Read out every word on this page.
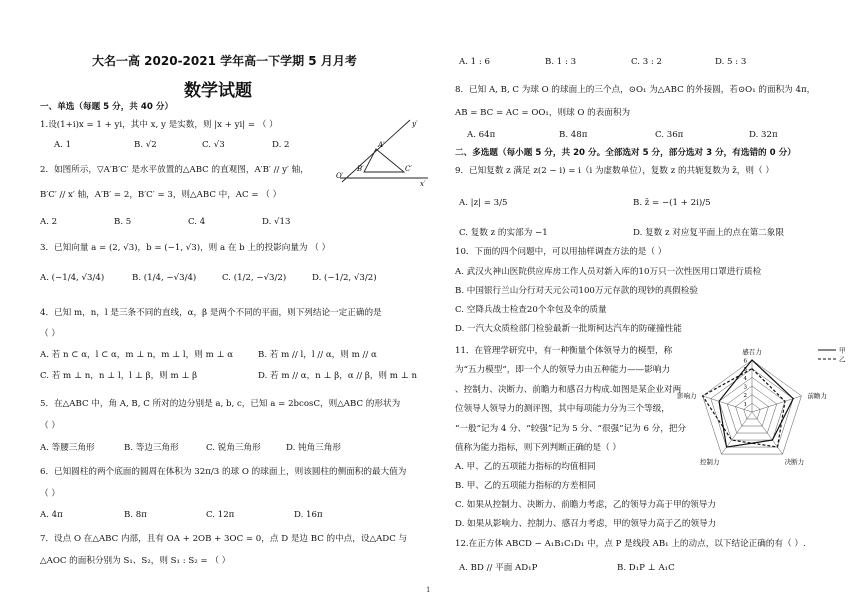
大名一高 2020-2021 学年高一下学期 5 月月考
数学试题
一、单选（每题 5 分，共 40 分）
1.设(1+i)x = 1 + yi，其中 x, y 是实数，则 |x + yi| = （ ）
A. 1	B. √2	C. √3	D. 2
2．如图所示，▽A′B′C′ 是水平放置的△ABC 的直观图，A′B′ // y′ 轴，
B′C′ // x′ 轴，A′B′ = 2，B′C′ = 3，则△ABC 中，AC = （ ）
A. 2	B. 5	C. 4	D. √13
3．已知向量 a = (2, √3)，b = (−1, √3)，则 a 在 b 上的投影向量为 （ ）
A. (−1/4, √3/4)	B. (1/4, −√3/4)	C. (1/2, −√3/2)	D. (−1/2, √3/2)
4．已知 m，n，l 是三条不同的直线，α，β 是两个不同的平面，则下列结论一定正确的是
（ ）
A. 若 n ⊂ α，l ⊂ α，m ⊥ n，m ⊥ l，则 m ⊥ α	B. 若 m // l，l // α，则 m // α
C. 若 m ⊥ n，n ⊥ l，l ⊥ β，则 m ⊥ β	D. 若 m // α，n ⊥ β，α // β，则 m ⊥ n
5．在△ABC 中，角 A, B, C 所对的边分别是 a, b, c，已知 a = 2bcosC，则△ABC 的形状为
（ ）
A. 等腰三角形	B. 等边三角形	C. 锐角三角形	D. 钝角三角形
6．已知圆柱的两个底面的圆周在体积为 32π/3 的球 O 的球面上，则该圆柱的侧面积的最大值为
（ ）
A. 4π	B. 8π	C. 12π	D. 16π
7．设点 O 在△ABC 内部，且有 OA + 2OB + 3OC = 0，点 D 是边 BC 的中点，设△ADC 与
△AOC 的面积分别为 S₁、S₂，则 S₁ : S₂ = （ ）
y′
x′
O′
A′
B′	C′
A. 1 : 6	B. 1 : 3	C. 3 : 2	D. 5 : 3
8．已知 A, B, C 为球 O 的球面上的三个点，⊙O₁ 为△ABC 的外接圆，若⊙O₁ 的面积为 4π，
AB = BC = AC = OO₁，则球 O 的表面积为
A. 64π	B. 48π	C. 36π	D. 32π
二、多选题（每小题 5 分，共 20 分。全部选对 5 分，部分选对 3 分，有选错的 0 分）
9．已知复数 z 满足 z(2 − i) = i（i 为虚数单位），复数 z 的共轭复数为 z̄，则（ ）
A. |z| = 3/5	B. z̄ = −(1 + 2i)/5
C. 复数 z 的实部为 −1	D. 复数 z 对应复平面上的点在第二象限
10．下面的四个问题中，可以用抽样调查方法的是（ ）
A. 武汉火神山医院供应库房工作人员对新入库的10万只一次性医用口罩进行质检
B. 中国银行兰山分行对天元公司100万元存款的现钞的真假检验
C. 空降兵战士检查20个伞包及伞的质量
D. 一汽大众质检部门检验最新一批斯柯达汽车的防碰撞性能
11．在管理学研究中，有一种衡量个体领导力的模型，称
为“五力模型”，即一个人的领导力由五种能力——影响力
、控制力、决断力、前瞻力和感召力构成.如图是某企业对两
位领导人领导力的测评图，其中每项能力分为三个等级，
“一般”记为 4 分、“较强”记为 5 分、“很强”记为 6 分，把分
值称为能力指标，则下列判断正确的是（ ）
A. 甲、乙的五项能力指标的均值相同
B. 甲、乙的五项能力指标的方差相同
C. 如果从控制力、决断力、前瞻力考虑，乙的领导力高于甲的领导力
D. 如果从影响力、控制力、感召力考虑，甲的领导力高于乙的领导力
12.在正方体 ABCD − A₁B₁C₁D₁ 中，点 P 是线段 AB₁ 上的动点，以下结论正确的有（ ）.
A. BD // 平面 AD₁P	B. D₁P ⊥ A₁C
1
2
3
4
5
6
感召力
前瞻力
决断力
控制力
影响力
甲
乙
1
